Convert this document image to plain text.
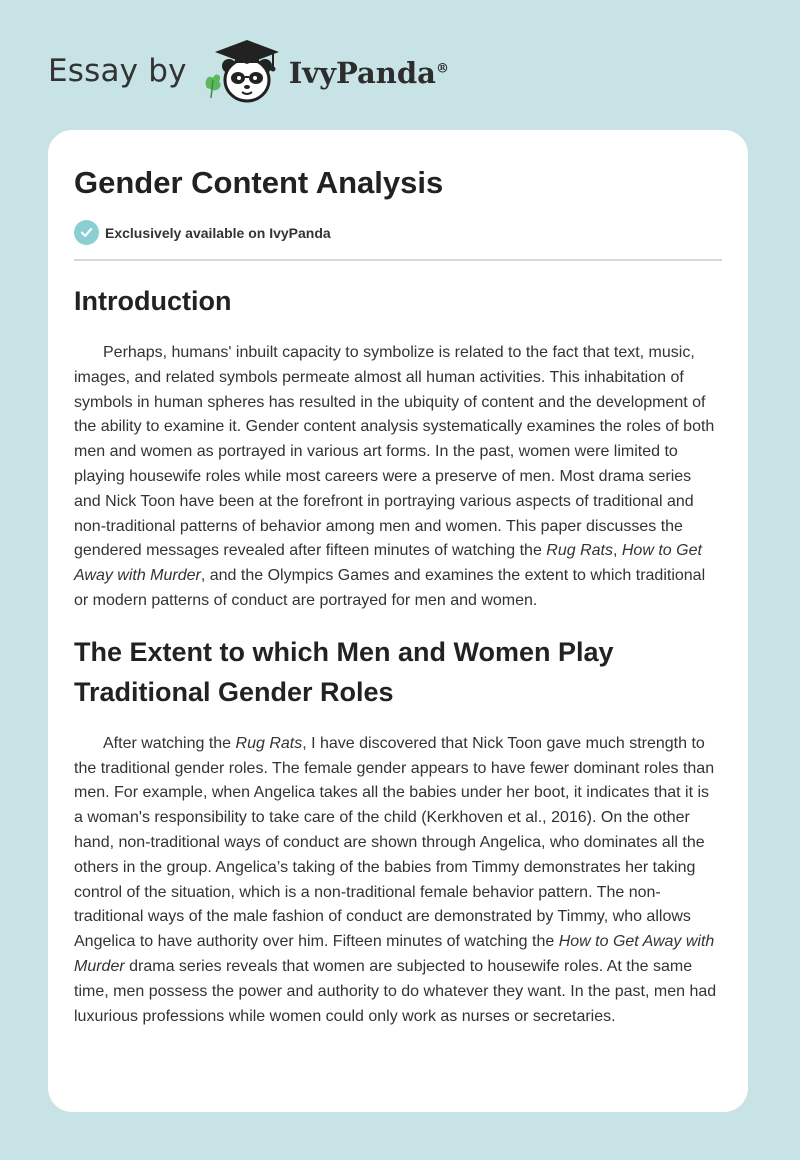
Essay by	IvyPanda®
Gender Content Analysis
Exclusively available on IvyPanda
Introduction

Perhaps, humans' inbuilt capacity to symbolize is related to the fact that text, music, images, and related symbols permeate almost all human activities. This inhabitation of symbols in human spheres has resulted in the ubiquity of content and the development of the ability to examine it. Gender content analysis systematically examines the roles of both men and women as portrayed in various art forms. In the past, women were limited to playing housewife roles while most careers were a preserve of men. Most drama series and Nick Toon have been at the forefront in portraying various aspects of traditional and non-traditional patterns of behavior among men and women. This paper discusses the gendered messages revealed after fifteen minutes of watching the Rug Rats, How to Get Away with Murder, and the Olympics Games and examines the extent to which traditional or modern patterns of conduct are portrayed for men and women.

The Extent to which Men and Women Play Traditional Gender Roles

After watching the Rug Rats, I have discovered that Nick Toon gave much strength to the traditional gender roles. The female gender appears to have fewer dominant roles than men. For example, when Angelica takes all the babies under her boot, it indicates that it is a woman's responsibility to take care of the child (Kerkhoven et al., 2016). On the other hand, non-traditional ways of conduct are shown through Angelica, who dominates all the others in the group. Angelica’s taking of the babies from Timmy demonstrates her taking control of the situation, which is a non-traditional female behavior pattern. The non-traditional ways of the male fashion of conduct are demonstrated by Timmy, who allows Angelica to have authority over him. Fifteen minutes of watching the How to Get Away with Murder drama series reveals that women are subjected to housewife roles. At the same time, men possess the power and authority to do whatever they want. In the past, men had luxurious professions while women could only work as nurses or secretaries.
